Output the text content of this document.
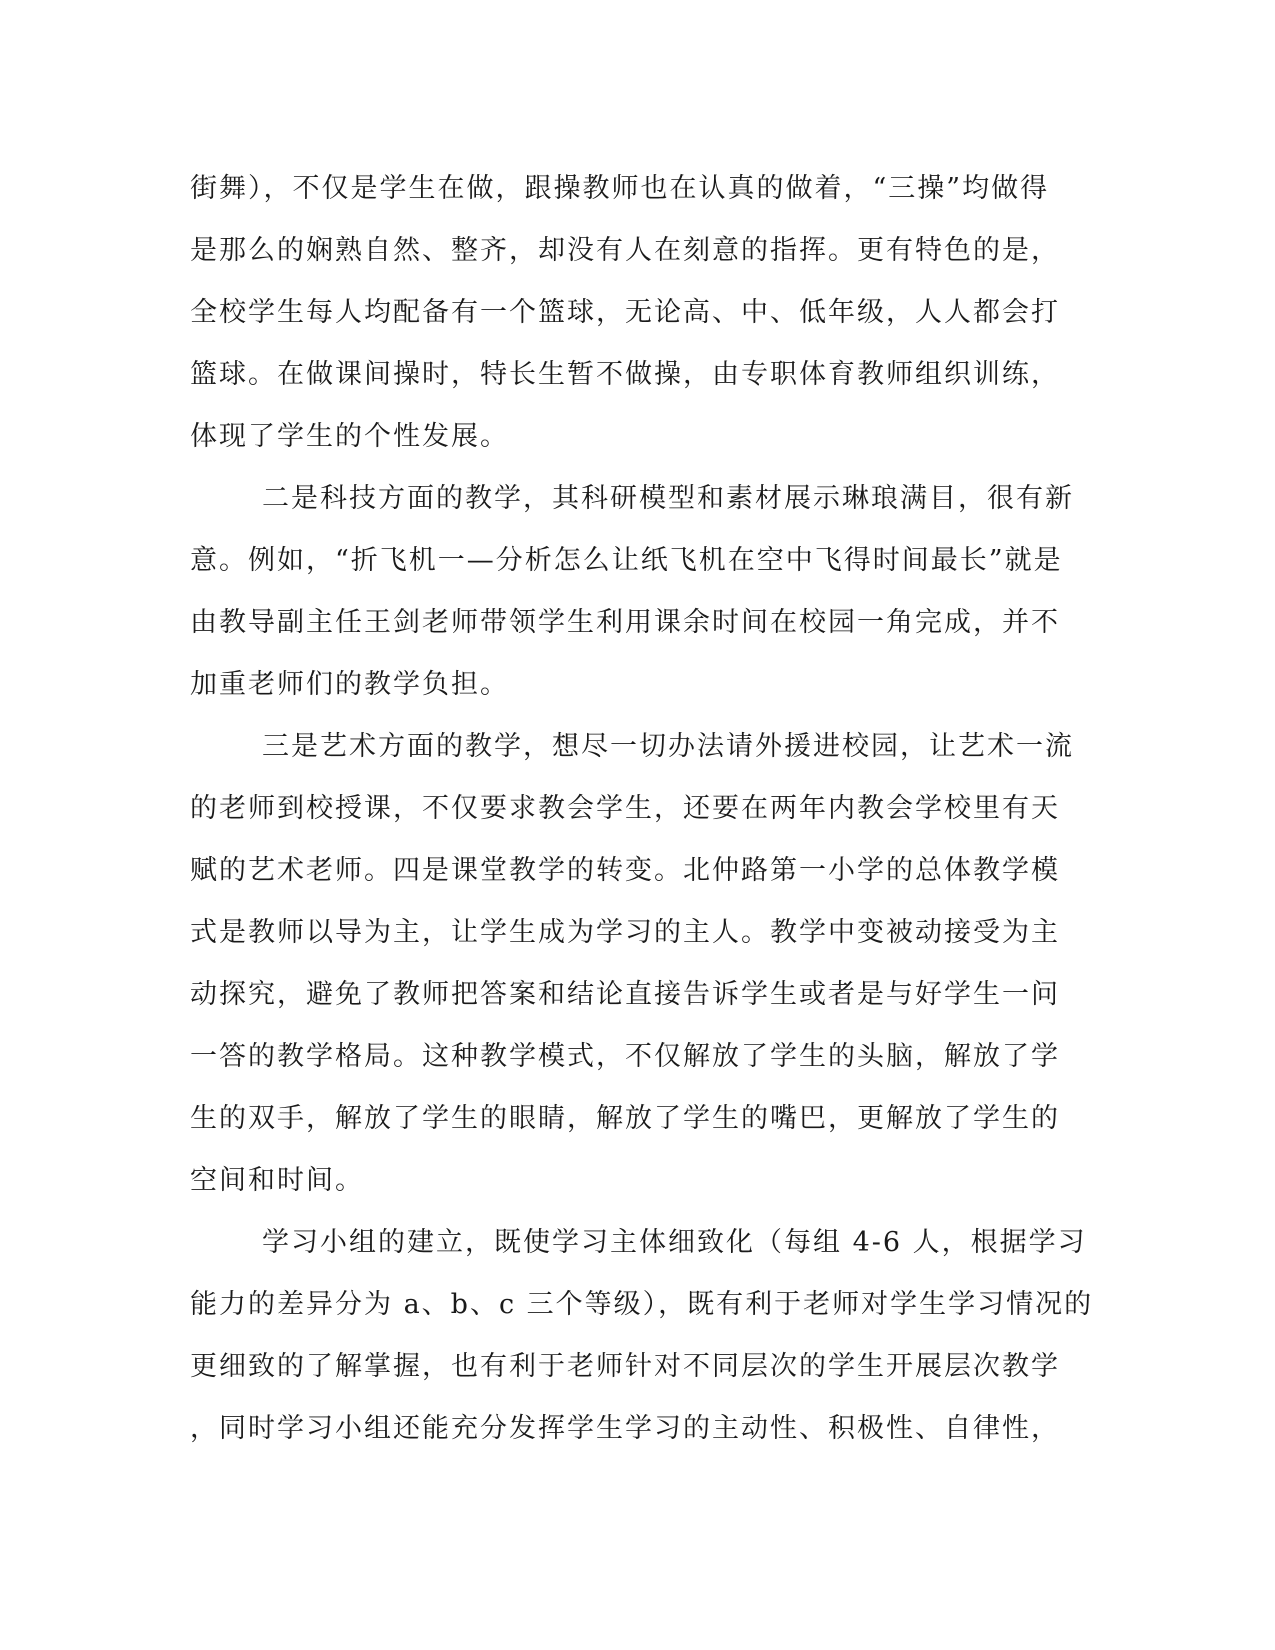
街舞），不仅是学生在做，跟操教师也在认真的做着，“三操”均做得
是那么的娴熟自然、整齐，却没有人在刻意的指挥。更有特色的是，
全校学生每人均配备有一个篮球，无论高、中、低年级，人人都会打
篮球。在做课间操时，特长生暂不做操，由专职体育教师组织训练，
体现了学生的个性发展。
二是科技方面的教学，其科研模型和素材展示琳琅满目，很有新
意。例如，“折飞机一—分析怎么让纸飞机在空中飞得时间最长”就是
由教导副主任王剑老师带领学生利用课余时间在校园一角完成，并不
加重老师们的教学负担。
三是艺术方面的教学，想尽一切办法请外援进校园，让艺术一流
的老师到校授课，不仅要求教会学生，还要在两年内教会学校里有天
赋的艺术老师。四是课堂教学的转变。北仲路第一小学的总体教学模
式是教师以导为主，让学生成为学习的主人。教学中变被动接受为主
动探究，避免了教师把答案和结论直接告诉学生或者是与好学生一问
一答的教学格局。这种教学模式，不仅解放了学生的头脑，解放了学
生的双手，解放了学生的眼睛，解放了学生的嘴巴，更解放了学生的
空间和时间。
学习小组的建立，既使学习主体细致化（每组 4-6 人，根据学习
能力的差异分为 a、b、c 三个等级），既有利于老师对学生学习情况的
更细致的了解掌握，也有利于老师针对不同层次的学生开展层次教学
，同时学习小组还能充分发挥学生学习的主动性、积极性、自律性，
